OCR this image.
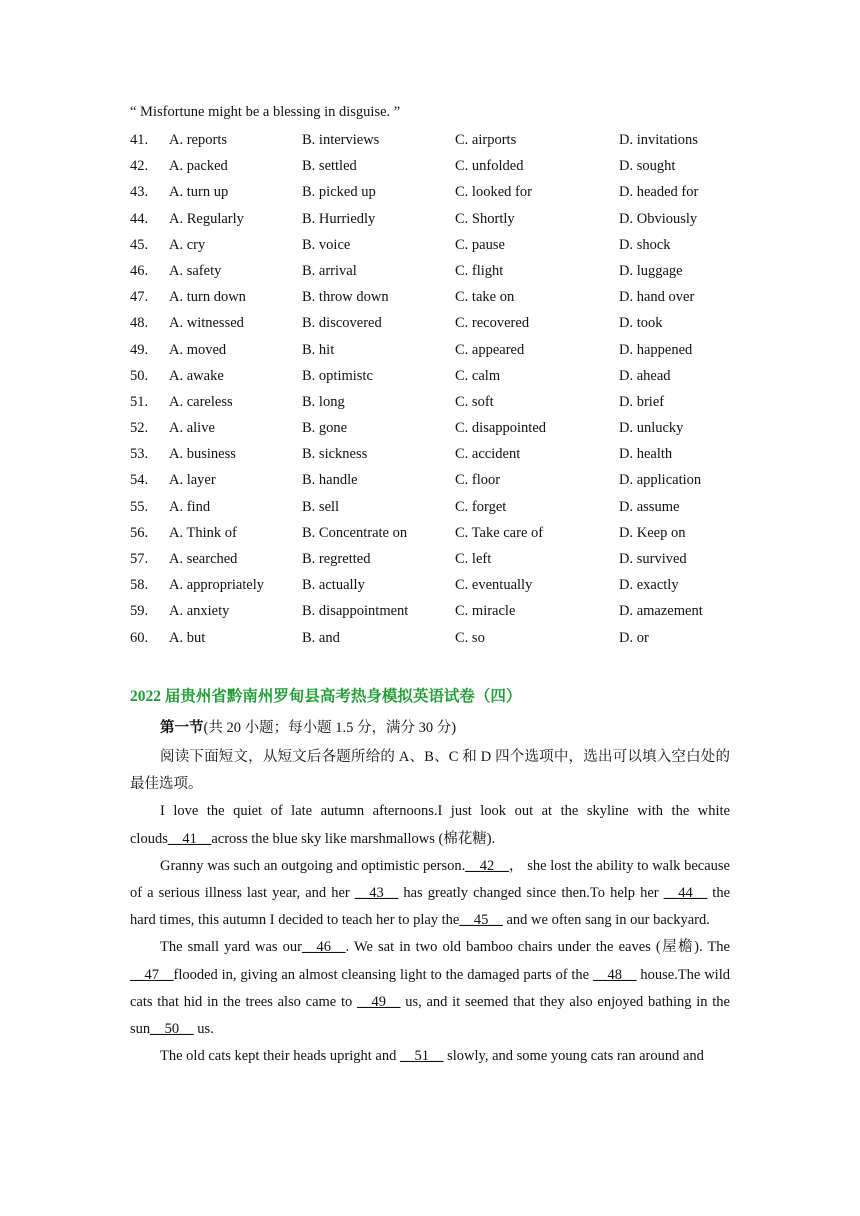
“ Misfortune might be a blessing in disguise. ”
41. A. reports	B. interviews	C. airports	D. invitations
42. A. packed	B. settled	C. unfolded	D. sought
43. A. turn up	B. picked up	C. looked for	D. headed for
44. A. Regularly	B. Hurriedly	C. Shortly	D. Obviously
45. A. cry	B. voice	C. pause	D. shock
46. A. safety	B. arrival	C. flight	D. luggage
47. A. turn down	B. throw down	C. take on	D. hand over
48. A. witnessed	B. discovered	C. recovered	D. took
49. A. moved	B. hit	C. appeared	D. happened
50. A. awake	B. optimistc	C. calm	D. ahead
51. A. careless	B. long	C. soft	D. brief
52. A. alive	B. gone	C. disappointed	D. unlucky
53. A. business	B. sickness	C. accident	D. health
54. A. layer	B. handle	C. floor	D. application
55. A. find	B. sell	C. forget	D. assume
56. A. Think of	B. Concentrate on	C. Take care of	D. Keep on
57. A. searched	B. regretted	C. left	D. survived
58. A. appropriately	B. actually	C. eventually	D. exactly
59. A. anxiety	B. disappointment	C. miracle	D. amazement
60. A. but	B. and	C. so	D. or
2022 届贵州省黔南州罗甸县高考热身模拟英语试卷（四）
第一节(共 20 小题；每小题 1.5 分，满分 30 分)

阅读下面短文，从短文后各题所给的 A、B、C 和 D 四个选项中，选出可以填入空白处的最佳选项。

I love the quiet of late autumn afternoons.I just look out at the skyline with the white clouds__41__across the blue sky like marshmallows (棉花糖).

Granny was such an outgoing and optimistic person.__42__， she lost the ability to walk because of a serious illness last year, and her __43__ has greatly changed since then.To help her __44__ the hard times, this autumn I decided to teach her to play the__45__ and we often sang in our backyard.

The small yard was our__46__. We sat in two old bamboo chairs under the eaves (屋檐). The __47__flooded in, giving an almost cleansing light to the damaged parts of the __48__ house.The wild cats that hid in the trees also came to __49__ us, and it seemed that they also enjoyed bathing in the sun__50__ us.

The old cats kept their heads upright and __51__ slowly, and some young cats ran around and
